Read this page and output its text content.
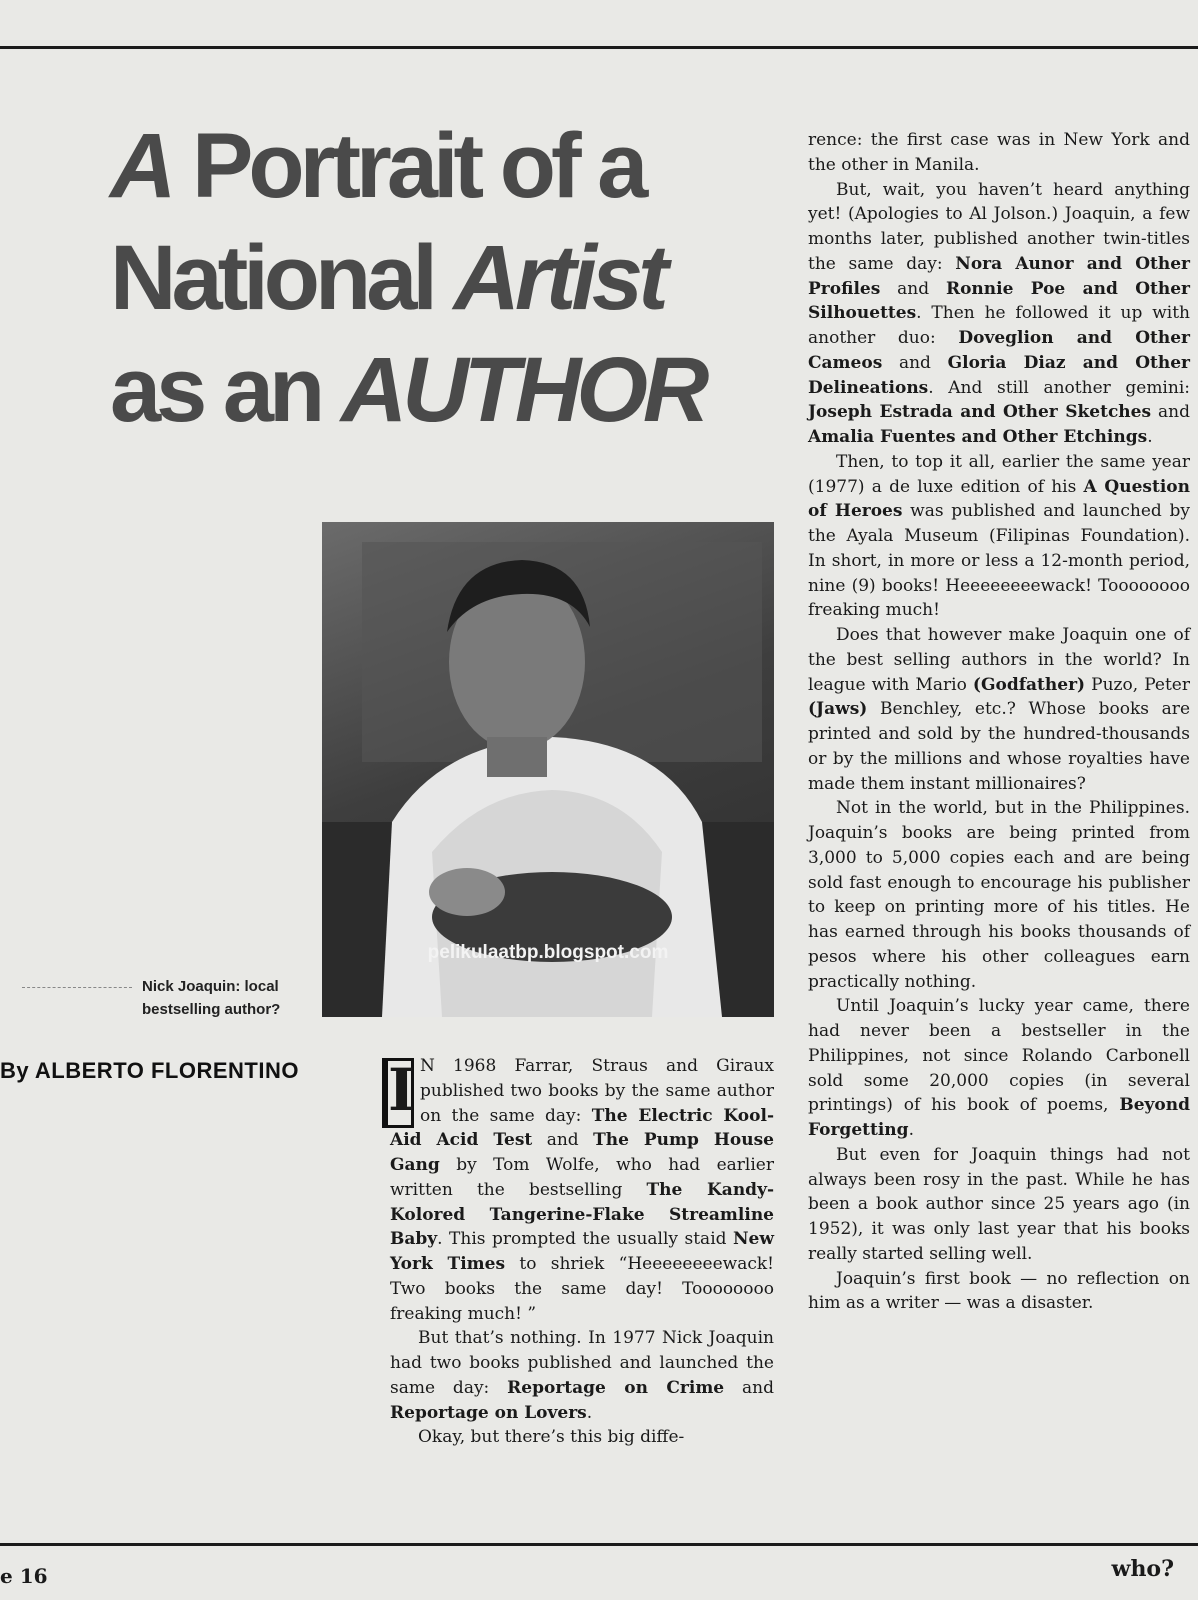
A Portrait of a
National Artist
as an AUTHOR
pelikulaatbp.blogspot.com
Nick Joaquin: local bestselling author?
By ALBERTO FLORENTINO I N 1968 Farrar, Straus and Giraux published two books by the same author on the same day: The Electric Kool-Aid Acid Test and The Pump House Gang by Tom Wolfe, who had earlier written the bestselling The Kandy-Kolored Tangerine-Flake Streamline Baby. This prompted the usually staid New York Times to shriek “Heeeeeeeewack! Two books the same day! Toooooooo freaking much! ”

But that’s nothing. In 1977 Nick Joaquin had two books published and launched the same day: Reportage on Crime and Reportage on Lovers.

Okay, but there’s this big diffe-

rence: the first case was in New York and the other in Manila.

But, wait, you haven’t heard anything yet! (Apologies to Al Jolson.) Joaquin, a few months later, published another twin-titles the same day: Nora Aunor and Other Profiles and Ronnie Poe and Other Silhouettes. Then he followed it up with another duo: Doveglion and Other Cameos and Gloria Diaz and Other Delineations. And still another gemini: Joseph Estrada and Other Sketches and Amalia Fuentes and Other Etchings.

Then, to top it all, earlier the same year (1977) a de luxe edition of his A Question of Heroes was published and launched by the Ayala Museum (Filipinas Foundation). In short, in more or less a 12-month period, nine (9) books! Heeeeeeeewack! Toooooooo freaking much!

Does that however make Joaquin one of the best selling authors in the world? In league with Mario (Godfather) Puzo, Peter (Jaws) Benchley, etc.? Whose books are printed and sold by the hundred-thousands or by the millions and whose royalties have made them instant millionaires?

Not in the world, but in the Philippines. Joaquin’s books are being printed from 3,000 to 5,000 copies each and are being sold fast enough to encourage his publisher to keep on printing more of his titles. He has earned through his books thousands of pesos where his other colleagues earn practically nothing.

Until Joaquin’s lucky year came, there had never been a bestseller in the Philippines, not since Rolando Carbonell sold some 20,000 copies (in several printings) of his book of poems, Beyond Forgetting.

But even for Joaquin things had not always been rosy in the past. While he has been a book author since 25 years ago (in 1952), it was only last year that his books really started selling well.

Joaquin’s first book — no reflection on him as a writer — was a disaster.

e 16	who?
